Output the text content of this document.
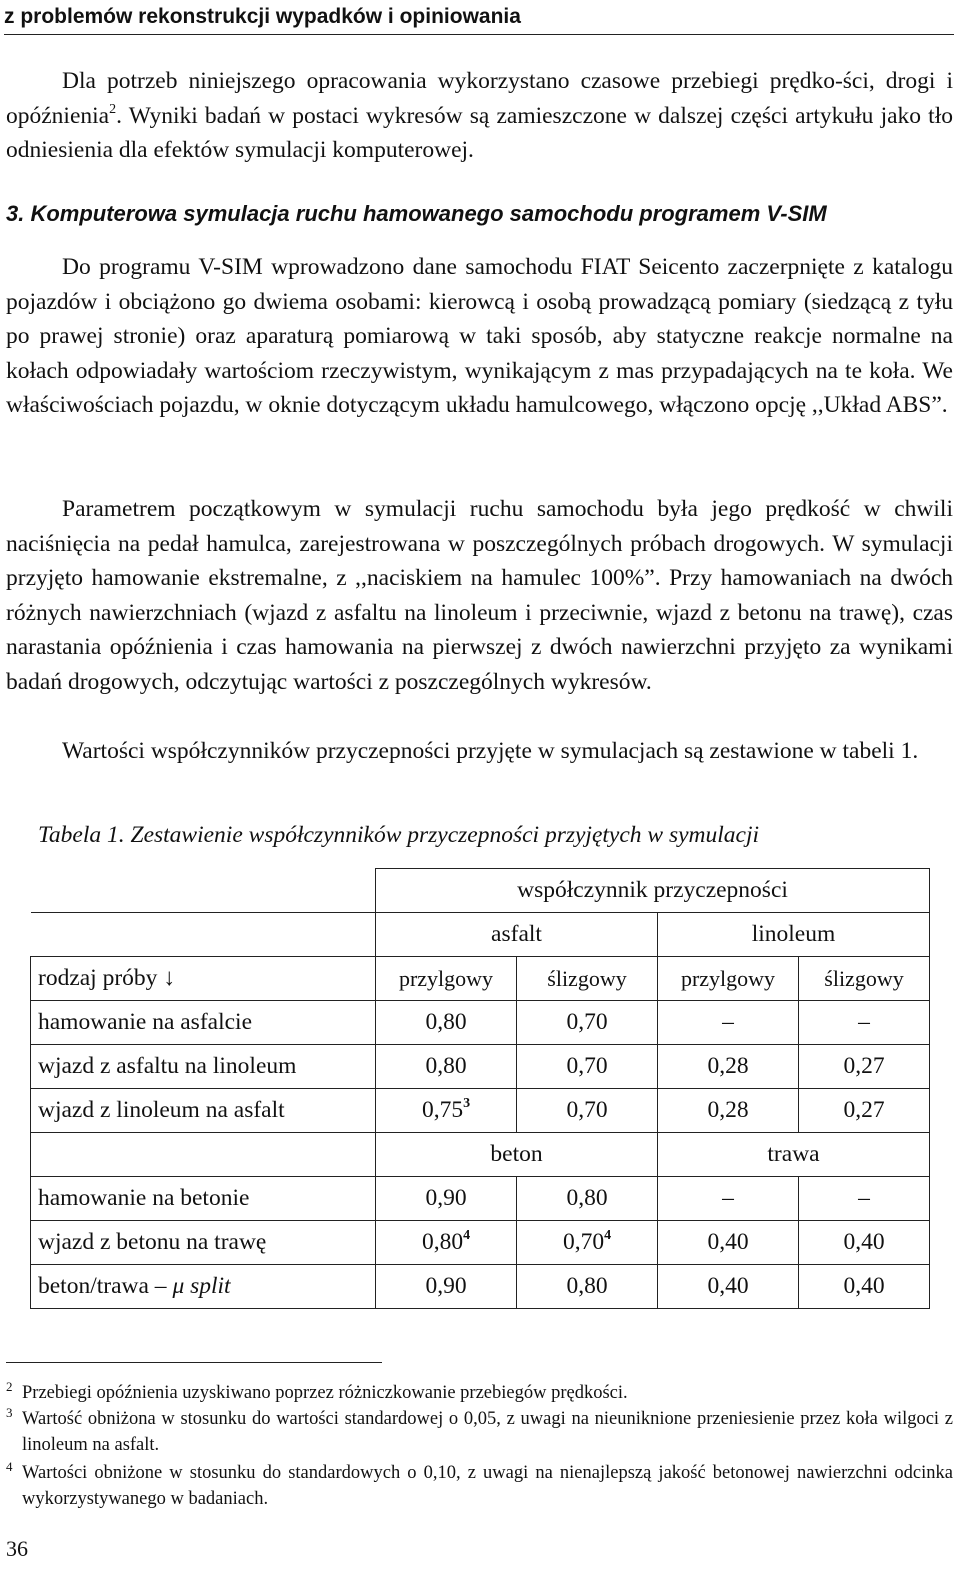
z problemów rekonstrukcji wypadków i opiniowania

Dla potrzeb niniejszego opracowania wykorzystano czasowe przebiegi prędko-ści, drogi i opóźnienia$^2$. Wyniki badań w postaci wykresów są zamieszczone w dalszej części artykułu jako tło odniesienia dla efektów symulacji komputerowej.

3. Komputerowa symulacja ruchu hamowanego samochodu programem V-SIM

Do programu V-SIM wprowadzono dane samochodu FIAT Seicento zaczerpnięte z katalogu pojazdów i obciążono go dwiema osobami: kierowcą i osobą prowadzącą pomiary (siedzącą z tyłu po prawej stronie) oraz aparaturą pomiarową w taki sposób, aby statyczne reakcje normalne na kołach odpowiadały wartościom rzeczywistym, wynikającym z mas przypadających na te koła. We właściwościach pojazdu, w oknie dotyczącym układu hamulcowego, włączono opcję ,,Układ ABS”.

Parametrem początkowym w symulacji ruchu samochodu była jego prędkość w chwili naciśnięcia na pedał hamulca, zarejestrowana w poszczególnych próbach drogowych. W symulacji przyjęto hamowanie ekstremalne, z ,,naciskiem na hamulec 100%”. Przy hamowaniach na dwóch różnych nawierzchniach (wjazd z asfaltu na linoleum i przeciwnie, wjazd z betonu na trawę), czas narastania opóźnienia i czas hamowania na pierwszej z dwóch nawierzchni przyjęto za wynikami badań drogowych, odczytując wartości z poszczególnych wykresów.

Wartości współczynników przyczepności przyjęte w symulacjach są zestawione w tabeli 1.

Tabela 1. Zestawienie współczynników przyczepności przyjętych w symulacji
	współczynnik przyczepności			
	asfalt		linoleum	
rodzaj próby ↓	przylgowy	ślizgowy	przylgowy	ślizgowy
hamowanie na asfalcie	0,80	0,70	–	–
wjazd z asfaltu na linoleum	0,80	0,70	0,28	0,27
wjazd z linoleum na asfalt	0,75$^3$	0,70	0,28	0,27
	beton		trawa	
hamowanie na betonie	0,90	0,80	–	–
wjazd z betonu na trawę	0,80$^4$	0,70$^4$	0,40	0,40
beton/trawa – μ split	0,90	0,80	0,40	0,40
2 Przebiegi opóźnienia uzyskiwano poprzez różniczkowanie przebiegów prędkości.
3 Wartość obniżona w stosunku do wartości standardowej o 0,05, z uwagi na nieuniknione przeniesienie przez koła wilgoci z linoleum na asfalt.
4 Wartości obniżone w stosunku do standardowych o 0,10, z uwagi na nienajlepszą jakość betonowej nawierzchni odcinka wykorzystywanego w badaniach.
36
